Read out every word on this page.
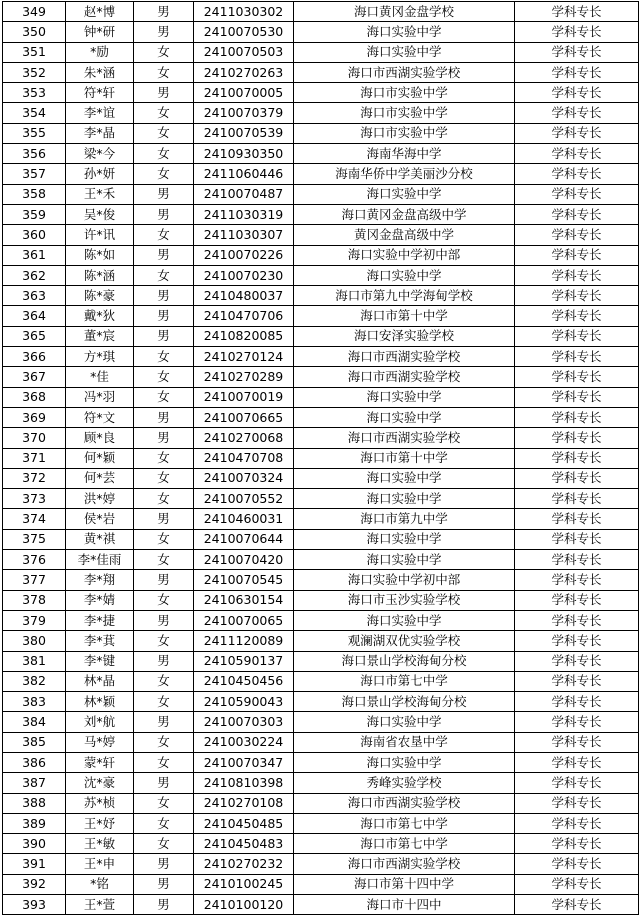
349	赵*博	男	2411030302	海口黄冈金盘学校	学科专长
350	钟*研	男	2410070530	海口实验中学	学科专长
351	*励	女	2410070503	海口实验中学	学科专长
352	朱*涵	女	2410270263	海口市西湖实验学校	学科专长
353	符*轩	男	2410070005	海口市实验中学	学科专长
354	李*谊	女	2410070379	海口市实验中学	学科专长
355	李*晶	女	2410070539	海口市实验中学	学科专长
356	梁*今	女	2410930350	海南华海中学	学科专长
357	孙*妍	女	2411060446	海南华侨中学美丽沙分校	学科专长
358	王*禾	男	2410070487	海口实验中学	学科专长
359	吴*俊	男	2411030319	海口黄冈金盘高级中学	学科专长
360	许*讯	女	2411030307	黄冈金盘高级中学	学科专长
361	陈*如	男	2410070226	海口实验中学初中部	学科专长
362	陈*涵	女	2410070230	海口实验中学	学科专长
363	陈*豪	男	2410480037	海口市第九中学海甸学校	学科专长
364	戴*狄	男	2410470706	海口市第十中学	学科专长
365	董*宸	男	2410820085	海口安泽实验学校	学科专长
366	方*琪	女	2410270124	海口市西湖实验学校	学科专长
367	*佳	女	2410270289	海口市西湖实验学校	学科专长
368	冯*羽	女	2410070019	海口实验中学	学科专长
369	符*文	男	2410070665	海口实验中学	学科专长
370	顾*良	男	2410270068	海口市西湖实验学校	学科专长
371	何*颖	女	2410470708	海口市第十中学	学科专长
372	何*芸	女	2410070324	海口实验中学	学科专长
373	洪*婷	女	2410070552	海口实验中学	学科专长
374	侯*岩	男	2410460031	海口市第九中学	学科专长
375	黄*祺	女	2410070644	海口实验中学	学科专长
376	李*佳雨	女	2410070420	海口实验中学	学科专长
377	李*翔	男	2410070545	海口实验中学初中部	学科专长
378	李*婧	女	2410630154	海口市玉沙实验学校	学科专长
379	李*捷	男	2410070065	海口实验中学	学科专长
380	李*萁	女	2411120089	观澜湖双优实验学校	学科专长
381	李*键	男	2410590137	海口景山学校海甸分校	学科专长
382	林*晶	女	2410450456	海口市第七中学	学科专长
383	林*颖	女	2410590043	海口景山学校海甸分校	学科专长
384	刘*航	男	2410070303	海口实验中学	学科专长
385	马*婷	女	2410030224	海南省农垦中学	学科专长
386	蒙*轩	女	2410070347	海口实验中学	学科专长
387	沈*豪	男	2410810398	秀峰实验学校	学科专长
388	苏*桢	女	2410270108	海口市西湖实验学校	学科专长
389	王*妤	女	2410450485	海口市第七中学	学科专长
390	王*敏	女	2410450483	海口市第七中学	学科专长
391	王*申	男	2410270232	海口市西湖实验学校	学科专长
392	*铭	男	2410100245	海口市第十四中学	学科专长
393	王*萱	男	2410100120	海口市十四中	学科专长
